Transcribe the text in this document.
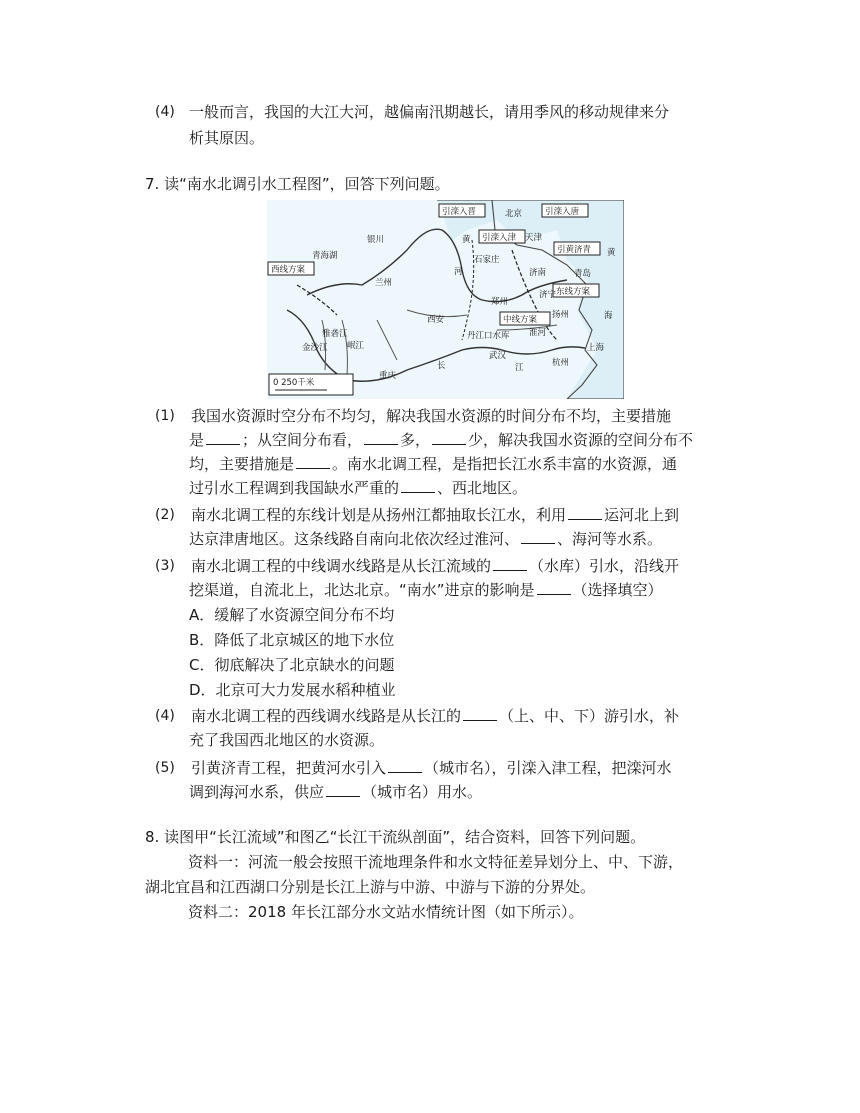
(4) 一般而言，我国的大江大河，越偏南汛期越长，请用季风的移动规律来分
析其原因。
7. 读“南水北调引水工程图”，回答下列问题。
引滦入晋	引滦入唐
北京
引滦入津 天津
引黄济青
青海湖
银川	黄
黄
河
石家庄
济南	青岛
西线方案
兰州
郑州
济宁 东线方案
西安	中线方案 扬州
丹江口水库 淮河
海
雅砻江
金沙江 岷江
武汉
上海
长	江
重庆
杭州
0 250千米
(1) 我国水资源时空分布不均匀，解决我国水资源的时间分布不均，主要措施
是	；从空间分布看，	多，	少，解决我国水资源的空间分布不
均，主要措施是	。南水北调工程，是指把长江水系丰富的水资源，通
过引水工程调到我国缺水严重的	、西北地区。
(2) 南水北调工程的东线计划是从扬州江都抽取长江水，利用	运河北上到
达京津唐地区。这条线路自南向北依次经过淮河、	、海河等水系。
(3) 南水北调工程的中线调水线路是从长江流域的	（水库）引水，沿线开
挖渠道，自流北上，北达北京。“南水”进京的影响是	（选择填空）
A．缓解了水资源空间分布不均
B．降低了北京城区的地下水位
C．彻底解决了北京缺水的问题
D．北京可大力发展水稻种植业
(4) 南水北调工程的西线调水线路是从长江的	（上、中、下）游引水，补
充了我国西北地区的水资源。
(5) 引黄济青工程，把黄河水引入	（城市名），引滦入津工程，把滦河水
调到海河水系，供应	（城市名）用水。
8. 读图甲“长江流域”和图乙“长江干流纵剖面”，结合资料，回答下列问题。
资料一：河流一般会按照干流地理条件和水文特征差异划分上、中、下游，
湖北宜昌和江西湖口分别是长江上游与中游、中游与下游的分界处。
资料二：2018 年长江部分水文站水情统计图（如下所示）。
